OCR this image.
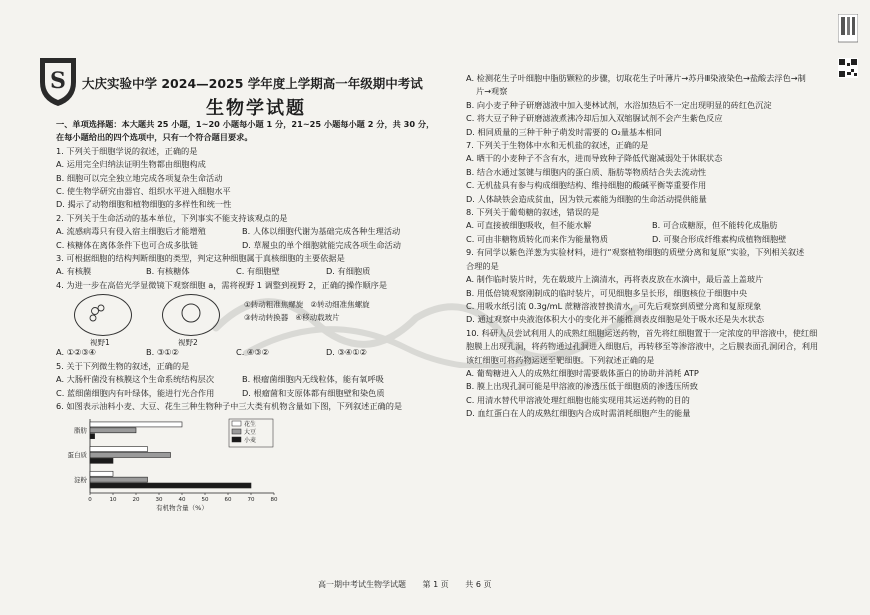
S 大庆实验中学 2024—2025 学年度上学期高一年级期中考试
生物学试题
一、单项选择题：本大题共 25 小题，1~20 小题每小题 1 分，21~25 小题每小题 2 分，共 30 分，
在每小题给出的四个选项中，只有一个符合题目要求。
1. 下列关于细胞学说的叙述，正确的是
A. 运用完全归纳法证明生物都由细胞构成
B. 细胞可以完全独立地完成各项复杂生命活动
C. 使生物学研究由器官、组织水平进入细胞水平
D. 揭示了动物细胞和植物细胞的多样性和统一性
2. 下列关于生命活动的基本单位，下列事实不能支持该观点的是
A. 流感病毒只有侵入宿主细胞后才能增殖	B. 人体以细胞代谢为基础完成各种生理活动
C. 核糖体在离体条件下也可合成多肽链	D. 草履虫的单个细胞就能完成各项生命活动
3. 可根据细胞的结构判断细胞的类型，判定这种细胞属于真核细胞的主要依据是
A. 有核膜	B. 有核糖体	C. 有细胞壁	D. 有细胞质
4. 为进一步在高倍光学显微镜下观察细胞 a，需将视野 1 调整到视野 2，正确的操作顺序是
视野1	视野2
①转动粗准焦螺旋 ②转动细准焦螺旋
③转动转换器 ④移动载玻片
A. ①②③④	B. ③①②	C. ④③②	D. ③④①②
5. 关于下列微生物的叙述，正确的是
A. 大肠杆菌没有核膜这个生命系统结构层次	B. 根瘤菌细胞内无线粒体，能有氧呼吸
C. 蓝细菌细胞内有叶绿体，能进行光合作用	D. 根瘤菌和支原体都有细胞壁和染色质
6. 如图表示油料小麦、大豆、花生三种生物种子中三大类有机物含量如下图，下列叙述正确的是
0	10	20	30	40	50	60	70	80
脂肪
蛋白质
淀粉
花生
大豆
小麦
有机物含量（%）
A. 检测花生子叶细胞中脂肪颗粒的步骤，切取花生子叶薄片→苏丹Ⅲ染液染色→盐酸去浮色→制
片→观察
B. 向小麦子种子研磨滤液中加入斐林试剂，水浴加热后不一定出现明显的砖红色沉淀
C. 将大豆子种子研磨滤液煮沸冷却后加入双缩脲试剂不会产生紫色反应
D. 相同质量的三种干种子萌发时需要的 O₂量基本相同
7. 下列关于生物体中水和无机盐的叙述，正确的是
A. 晒干的小麦种子不含有水，进而导致种子降低代谢减弱处于休眠状态
B. 结合水通过氢键与细胞内的蛋白质、脂肪等物质结合失去流动性
C. 无机盐具有参与构成细胞结构、维持细胞的酸碱平衡等重要作用
D. 人体缺铁会造成贫血，因为铁元素能为细胞的生命活动提供能量
8. 下列关于葡萄糖的叙述，错误的是
A. 可直接被细胞吸收，但不能水解	B. 可合成糖原，但不能转化成脂肪
C. 可由非糖物质转化而来作为能量物质	D. 可聚合形成纤维素构成植物细胞壁
9. 有同学以紫色洋葱为实验材料，进行“观察植物细胞的质壁分离和复原”实验，下列相关叙述
合理的是
A. 制作临时装片时，先在载玻片上滴清水，再将表皮放在水滴中，最后盖上盖玻片
B. 用低倍镜观察刚制成的临时装片，可见细胞多呈长形，细胞核位于细胞中央
C. 用吸水纸引流 0.3g/mL 蔗糖溶液替换清水，可先后观察到质壁分离和复原现象
D. 通过观察中央液泡体积大小的变化并不能推测表皮细胞是处于吸水还是失水状态
10. 科研人员尝试利用人的成熟红细胞运送药物，首先将红细胞置于一定浓度的甲溶液中，使红细
胞膜上出现孔洞，将药物通过孔洞进入细胞后，再转移至等渗溶液中，之后膜表面孔洞闭合，利用
该红细胞可将药物运送至靶细胞。下列叙述正确的是
A. 葡萄糖进入人的成熟红细胞时需要载体蛋白的协助并消耗 ATP
B. 膜上出现孔洞可能是甲溶液的渗透压低于细胞质的渗透压所致
C. 用清水替代甲溶液处理红细胞也能实现用其运送药物的目的
D. 血红蛋白在人的成熟红细胞内合成时需消耗细胞产生的能量
高一期中考试生物学试题 第 1 页 共 6 页
